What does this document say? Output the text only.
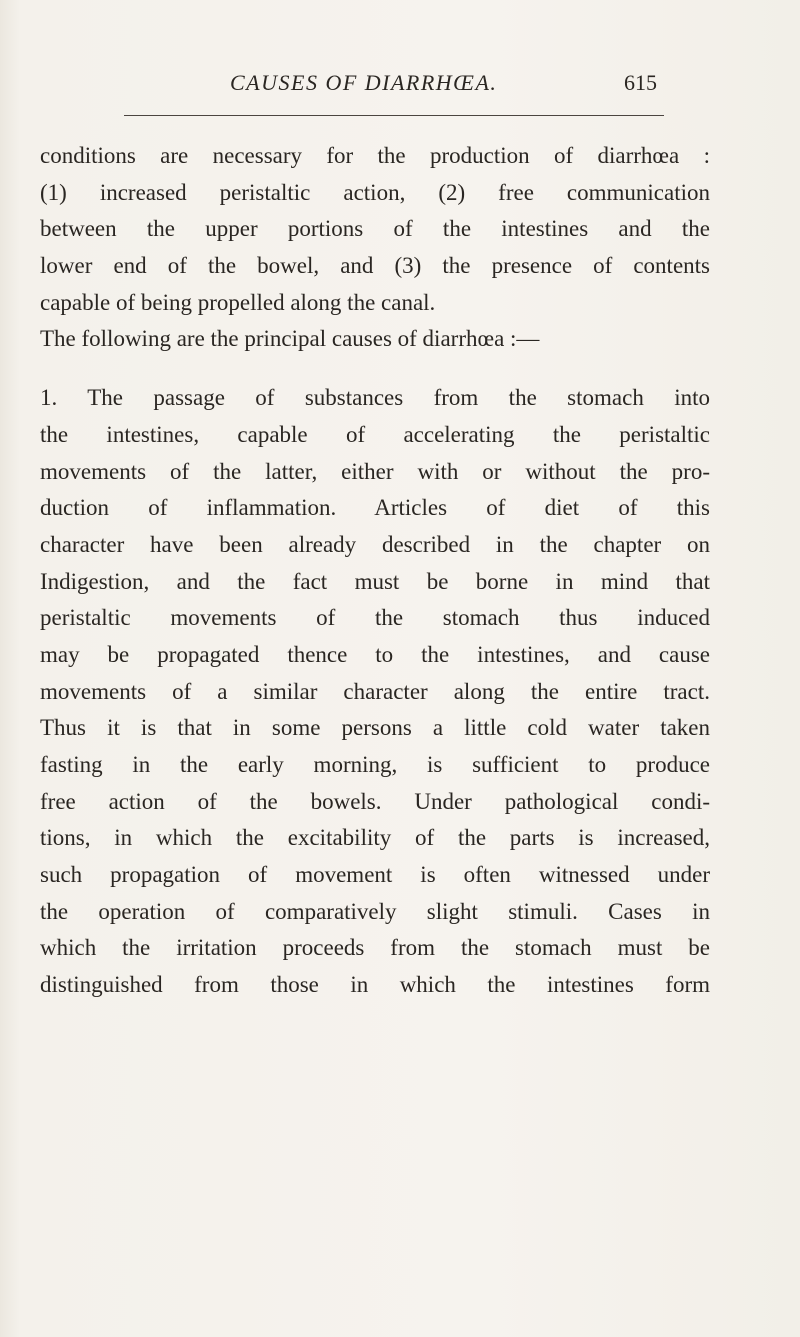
CAUSES OF DIARRHŒA.	615
conditions are necessary for the production of diarrhœa :
(1) increased peristaltic action, (2) free communication
between the upper portions of the intestines and the
lower end of the bowel, and (3) the presence of contents
capable of being propelled along the canal.
The following are the principal causes of diarrhœa :—
1. The passage of substances from the stomach into
the intestines, capable of accelerating the peristaltic
movements of the latter, either with or without the pro-
duction of inflammation. Articles of diet of this
character have been already described in the chapter on
Indigestion, and the fact must be borne in mind that
peristaltic movements of the stomach thus induced
may be propagated thence to the intestines, and cause
movements of a similar character along the entire tract.
Thus it is that in some persons a little cold water taken
fasting in the early morning, is sufficient to produce
free action of the bowels. Under pathological condi-
tions, in which the excitability of the parts is increased,
such propagation of movement is often witnessed under
the operation of comparatively slight stimuli. Cases in
which the irritation proceeds from the stomach must be
distinguished from those in which the intestines form
